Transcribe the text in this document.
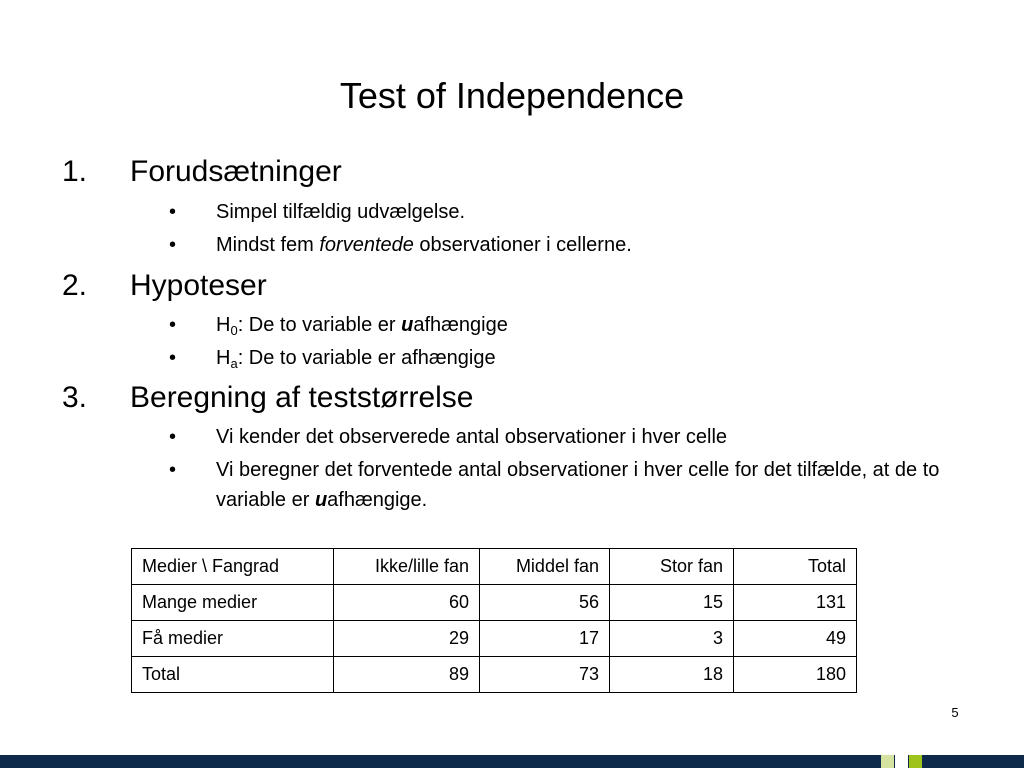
Test of Independence
1. Forudsætninger
• Simpel tilfældig udvælgelse.
• Mindst fem forventede observationer i cellerne.
2. Hypoteser
• $H_0$: De to variable er uafhængige
• $H_a$: De to variable er afhængige
3. Beregning af teststørrelse
• Vi kender det observerede antal observationer i hver celle
• Vi beregner det forventede antal observationer i hver celle for det tilfælde, at de to variable er uafhængige.
Medier \ Fangrad	Ikke/lille fan	Middel fan	Stor fan	Total
Mange medier	60	56	15	131
Få medier	29	17	3	49
Total	89	73	18	180
5
